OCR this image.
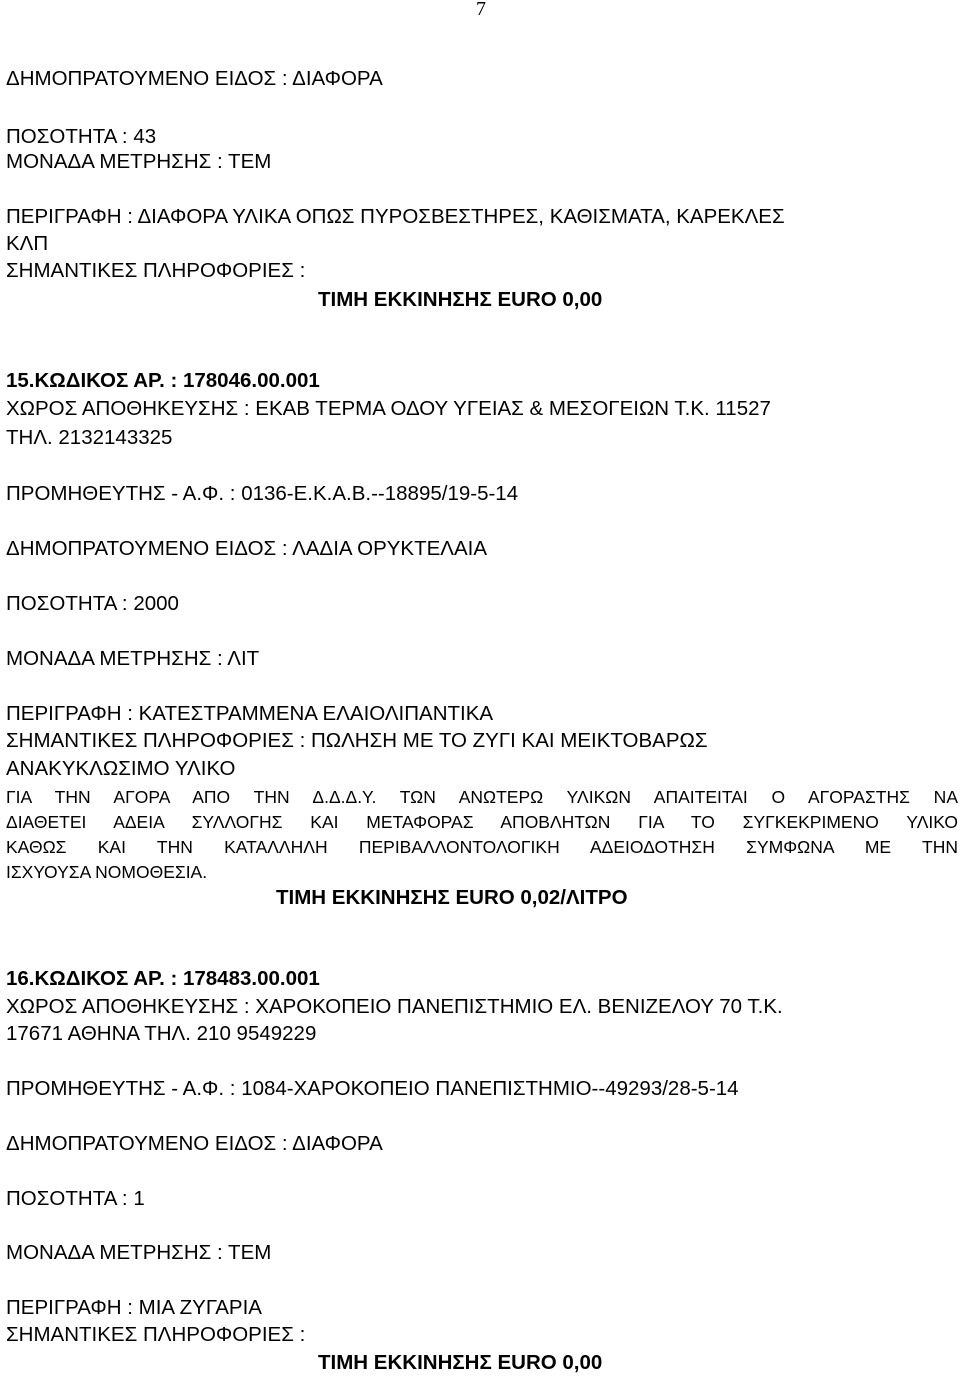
7
ΔΗΜΟΠΡΑΤΟΥΜΕΝΟ ΕΙΔΟΣ : ΔΙΑΦΟΡΑ
ΠΟΣΟΤΗΤΑ : 43
ΜΟΝΑΔΑ ΜΕΤΡΗΣΗΣ : ΤΕΜ
ΠΕΡΙΓΡΑΦΗ : ΔΙΑΦΟΡΑ ΥΛΙΚΑ ΟΠΩΣ ΠΥΡΟΣΒΕΣΤΗΡΕΣ, ΚΑΘΙΣΜΑΤΑ, ΚΑΡΕΚΛΕΣ
ΚΛΠ
ΣΗΜΑΝΤΙΚΕΣ ΠΛΗΡΟΦΟΡΙΕΣ :
ΤΙΜΗ ΕΚΚΙΝΗΣΗΣ EURO 0,00
15.ΚΩΔΙΚΟΣ ΑΡ. : 178046.00.001
ΧΩΡΟΣ ΑΠΟΘΗΚΕΥΣΗΣ : ΕΚΑΒ ΤΕΡΜΑ ΟΔΟΥ ΥΓΕΙΑΣ & ΜΕΣΟΓΕΙΩΝ Τ.Κ. 11527
ΤΗΛ. 2132143325
ΠΡΟΜΗΘΕΥΤΗΣ - Α.Φ. : 0136-Ε.Κ.Α.Β.--18895/19-5-14
ΔΗΜΟΠΡΑΤΟΥΜΕΝΟ ΕΙΔΟΣ : ΛΑΔΙΑ ΟΡΥΚΤΕΛΑΙΑ
ΠΟΣΟΤΗΤΑ : 2000
ΜΟΝΑΔΑ ΜΕΤΡΗΣΗΣ : ΛΙΤ
ΠΕΡΙΓΡΑΦΗ : ΚΑΤΕΣΤΡΑΜΜΕΝΑ ΕΛΑΙΟΛΙΠΑΝΤΙΚΑ
ΣΗΜΑΝΤΙΚΕΣ ΠΛΗΡΟΦΟΡΙΕΣ : ΠΩΛΗΣΗ ΜΕ ΤΟ ΖΥΓΙ ΚΑΙ ΜΕΙΚΤΟΒΑΡΩΣ
ΑΝΑΚΥΚΛΩΣΙΜΟ ΥΛΙΚΟ
ΓΙΑ ΤΗΝ ΑΓΟΡΑ ΑΠΟ ΤΗΝ Δ.Δ.Δ.Υ. ΤΩΝ ΑΝΩΤΕΡΩ ΥΛΙΚΩΝ ΑΠΑΙΤΕΙΤΑΙ Ο ΑΓΟΡΑΣΤΗΣ ΝΑ
ΔΙΑΘΕΤΕΙ ΑΔΕΙΑ ΣΥΛΛΟΓΗΣ ΚΑΙ ΜΕΤΑΦΟΡΑΣ ΑΠΟΒΛΗΤΩΝ ΓΙΑ ΤΟ ΣΥΓΚΕΚΡΙΜΕΝΟ ΥΛΙΚΟ
ΚΑΘΩΣ ΚΑΙ ΤΗΝ ΚΑΤΑΛΛΗΛΗ ΠΕΡΙΒΑΛΛΟΝΤΟΛΟΓΙΚΗ ΑΔΕΙΟΔΟΤΗΣΗ ΣΥΜΦΩΝΑ ΜΕ ΤΗΝ
ΙΣΧΥΟΥΣΑ ΝΟΜΟΘΕΣΙΑ.
ΤΙΜΗ ΕΚΚΙΝΗΣΗΣ EURO 0,02/ΛΙΤΡΟ
16.ΚΩΔΙΚΟΣ ΑΡ. : 178483.00.001
ΧΩΡΟΣ ΑΠΟΘΗΚΕΥΣΗΣ : ΧΑΡΟΚΟΠΕΙΟ ΠΑΝΕΠΙΣΤΗΜΙΟ ΕΛ. ΒΕΝΙΖΕΛΟΥ 70 Τ.Κ.
17671 ΑΘΗΝΑ ΤΗΛ. 210 9549229
ΠΡΟΜΗΘΕΥΤΗΣ - Α.Φ. : 1084-ΧΑΡΟΚΟΠΕΙΟ ΠΑΝΕΠΙΣΤΗΜΙΟ--49293/28-5-14
ΔΗΜΟΠΡΑΤΟΥΜΕΝΟ ΕΙΔΟΣ : ΔΙΑΦΟΡΑ
ΠΟΣΟΤΗΤΑ : 1
ΜΟΝΑΔΑ ΜΕΤΡΗΣΗΣ : ΤΕΜ
ΠΕΡΙΓΡΑΦΗ : ΜΙΑ ΖΥΓΑΡΙΑ
ΣΗΜΑΝΤΙΚΕΣ ΠΛΗΡΟΦΟΡΙΕΣ :
ΤΙΜΗ ΕΚΚΙΝΗΣΗΣ EURO 0,00
